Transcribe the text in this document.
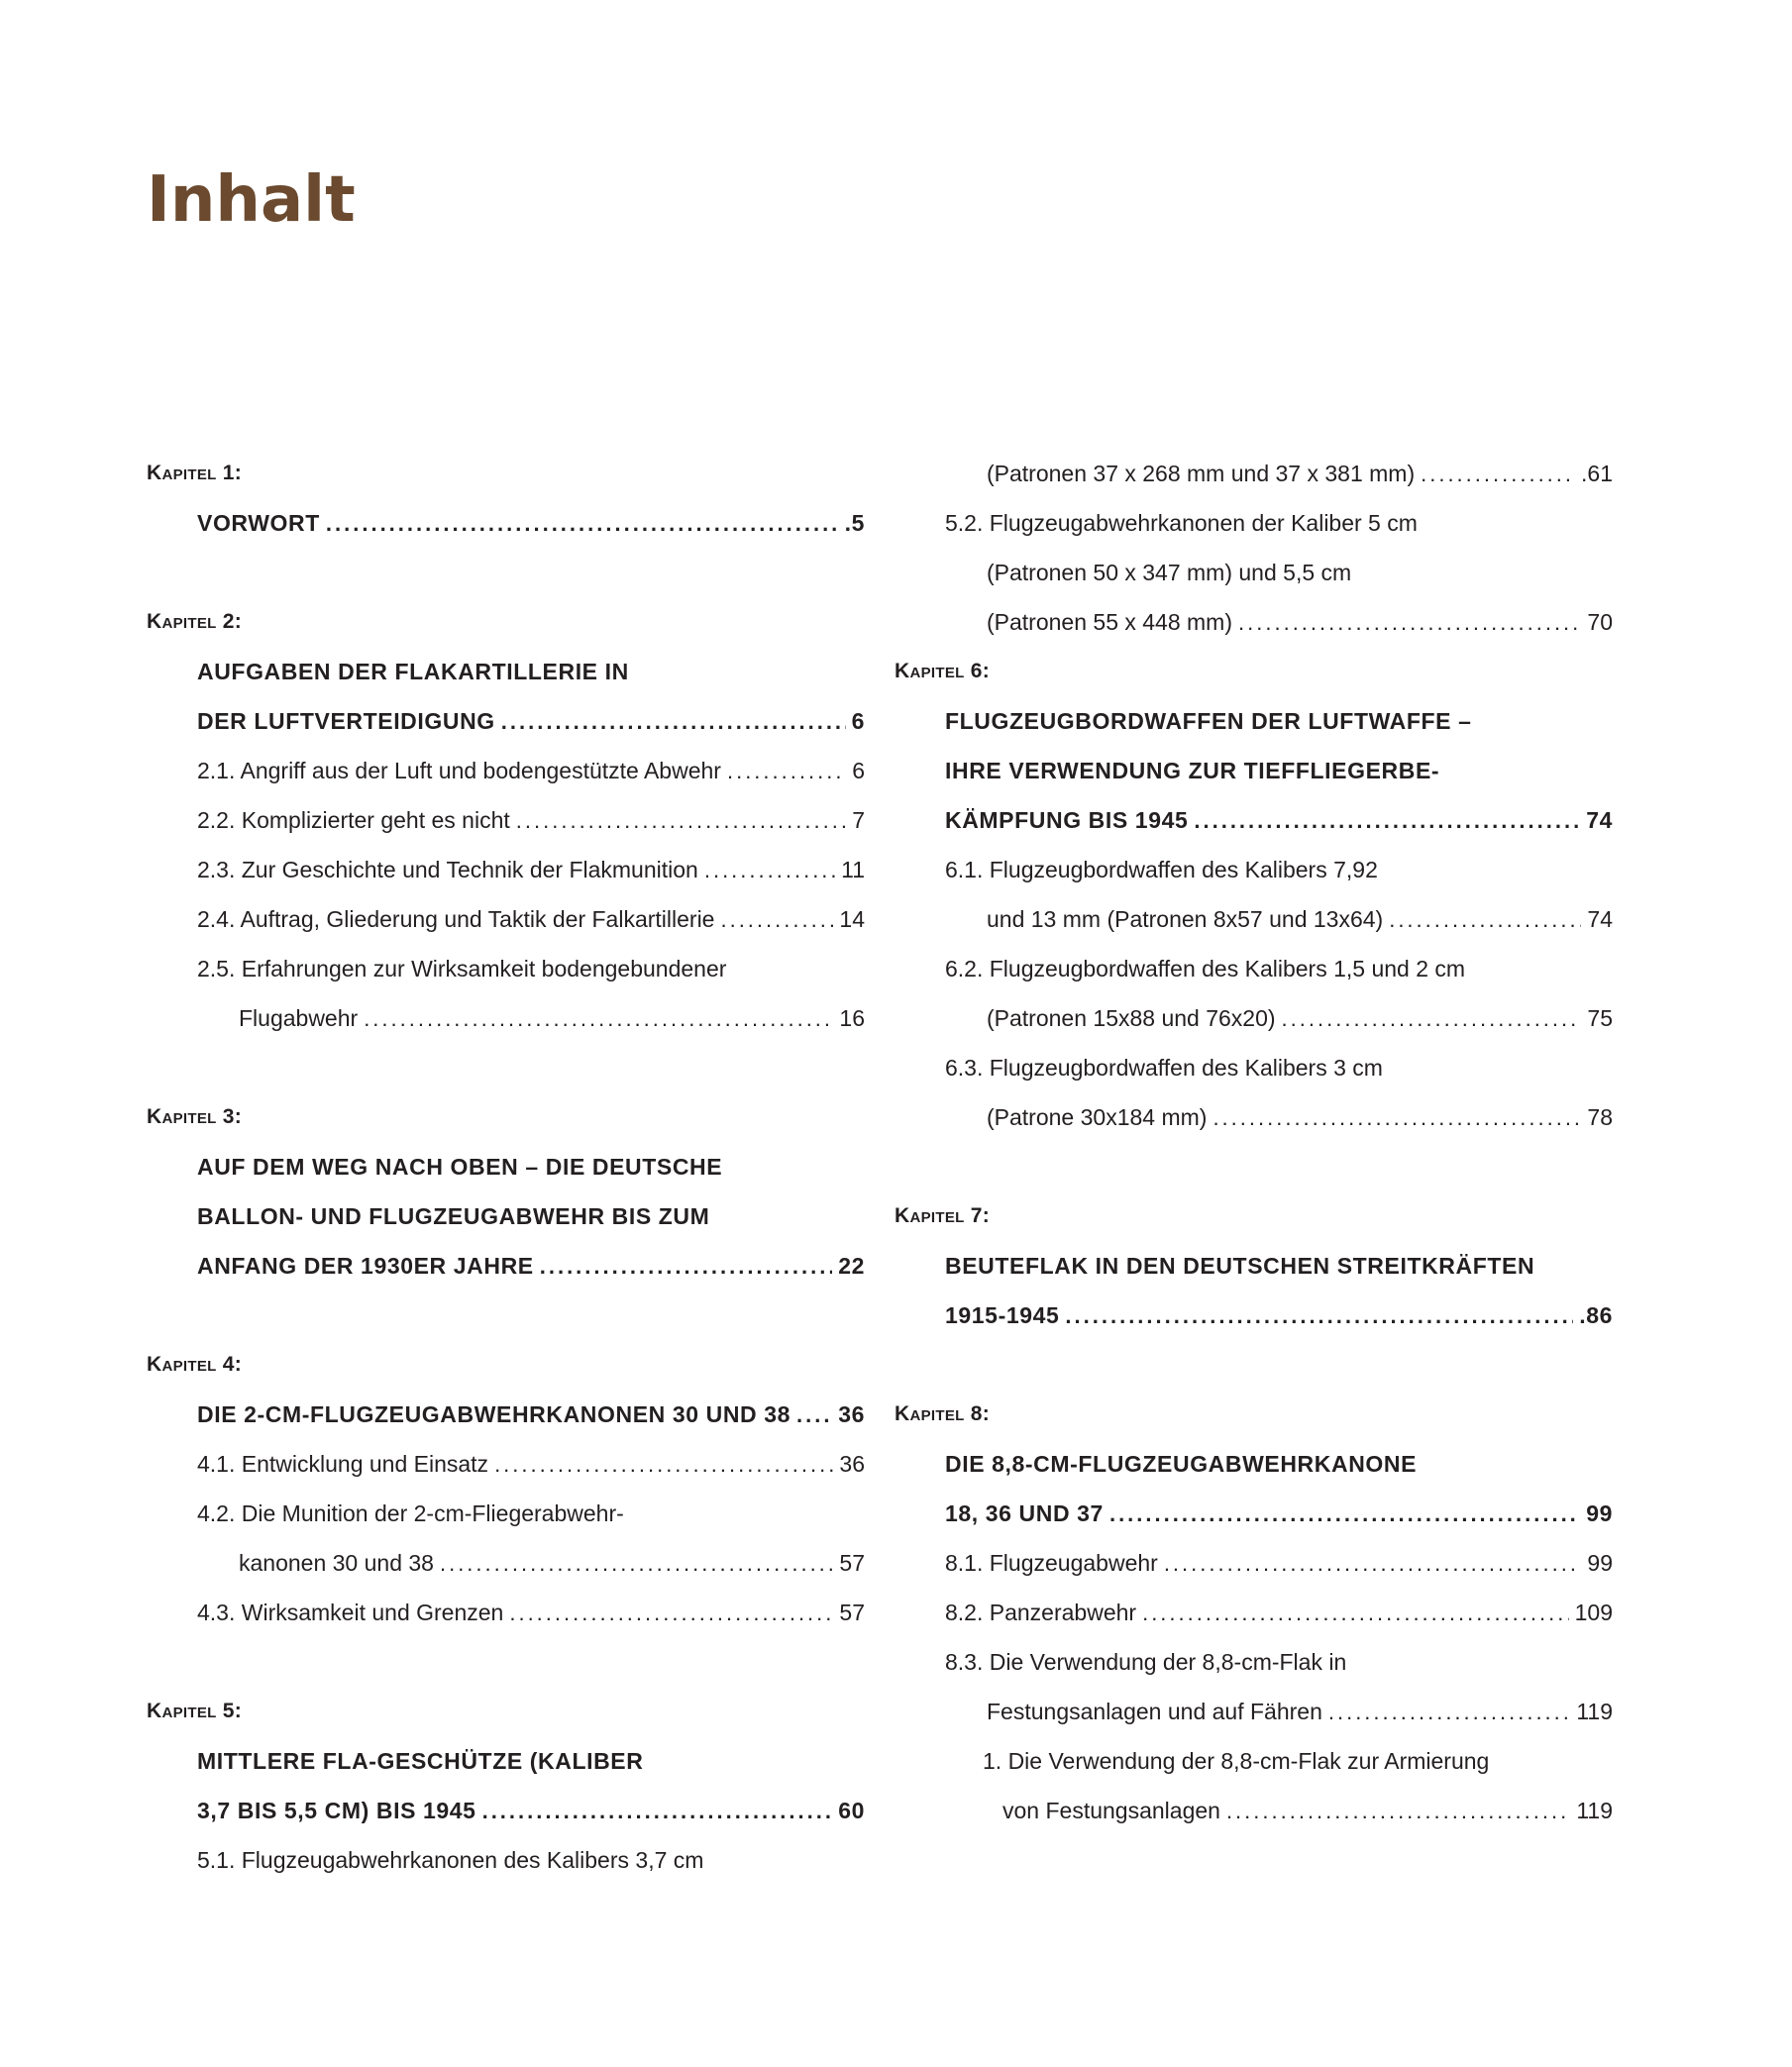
Inhalt
Kapitel 1:
VORWORT .....	.5
Kapitel 2:
AUFGABEN DER FLAKARTILLERIE IN
DER LUFTVERTEIDIGUNG .....	6
2.1. Angriff aus der Luft und bodengestützte Abwehr .....	6
2.2. Komplizierter geht es nicht .....	7
2.3. Zur Geschichte und Technik der Flakmunition .....	11
2.4. Auftrag, Gliederung und Taktik der Falkartillerie .....	14
2.5. Erfahrungen zur Wirksamkeit bodengebundener
Flugabwehr .....	16
Kapitel 3:
AUF DEM WEG NACH OBEN – DIE DEUTSCHE
BALLON- UND FLUGZEUGABWEHR BIS ZUM
ANFANG DER 1930ER JAHRE .....	22
Kapitel 4:
DIE 2-CM-FLUGZEUGABWEHRKANONEN 30 UND 38 ..... 36
4.1. Entwicklung und Einsatz .....	36
4.2. Die Munition der 2-cm-Fliegerabwehr-
kanonen 30 und 38 .....	57
4.3. Wirksamkeit und Grenzen .....	57
Kapitel 5:
MITTLERE FLA-GESCHÜTZE (KALIBER
3,7 BIS 5,5 CM) BIS 1945 .....	60
5.1. Flugzeugabwehrkanonen des Kalibers 3,7 cm
(Patronen 37 x 268 mm und 37 x 381 mm) .....	.61
5.2. Flugzeugabwehrkanonen der Kaliber 5 cm
(Patronen 50 x 347 mm) und 5,5 cm
(Patronen 55 x 448 mm) .....	70
Kapitel 6:
FLUGZEUGBORDWAFFEN DER LUFTWAFFE –
IHRE VERWENDUNG ZUR TIEFFLIEGERBE-
KÄMPFUNG BIS 1945 .....	74
6.1. Flugzeugbordwaffen des Kalibers 7,92
und 13 mm (Patronen 8x57 und 13x64) .....	74
6.2. Flugzeugbordwaffen des Kalibers 1,5 und 2 cm
(Patronen 15x88 und 76x20) .....	75
6.3. Flugzeugbordwaffen des Kalibers 3 cm
(Patrone 30x184 mm) .....	78
Kapitel 7:
BEUTEFLAK IN DEN DEUTSCHEN STREITKRÄFTEN
1915-1945 .....	.86
Kapitel 8:
DIE 8,8-CM-FLUGZEUGABWEHRKANONE
18, 36 UND 37 .....	99
8.1. Flugzeugabwehr .....	99
8.2. Panzerabwehr .....	109
8.3. Die Verwendung der 8,8-cm-Flak in
Festungsanlagen und auf Fähren .....	119
1. Die Verwendung der 8,8-cm-Flak zur Armierung
von Festungsanlagen .....	119
